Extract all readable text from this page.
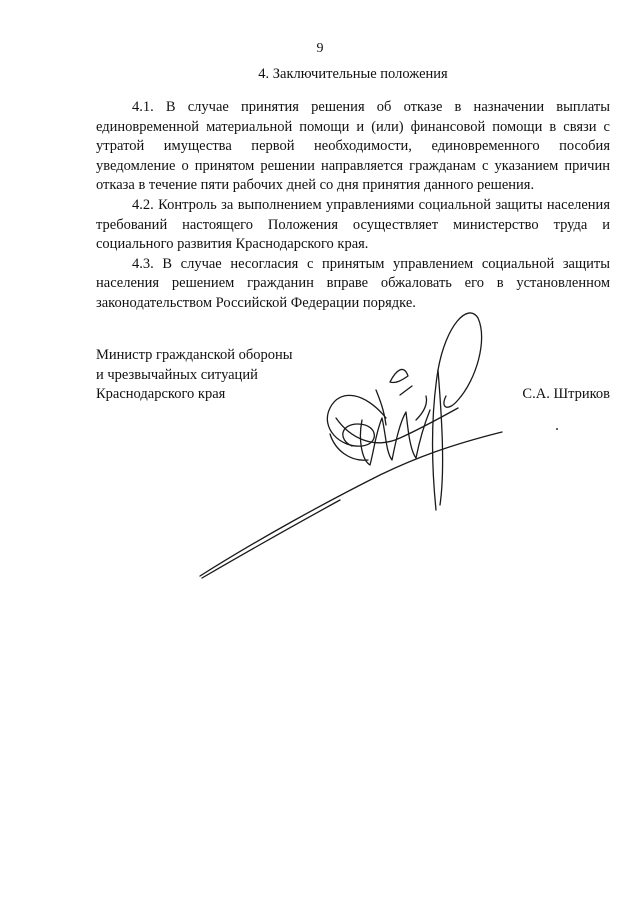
9
4. Заключительные положения

4.1. В случае принятия решения об отказе в назначении выплаты единовременной материальной помощи и (или) финансовой помощи в связи с утратой имущества первой необходимости, единовременного пособия уведомление о принятом решении направляется гражданам с указанием причин отказа в течение пяти рабочих дней со дня принятия данного решения.

4.2. Контроль за выполнением управлениями социальной защиты населения требований настоящего Положения осуществляет министерство труда и социального развития Краснодарского края.

4.3. В случае несогласия с принятым управлением социальной защиты населения решением гражданин вправе обжаловать его в установленном законодательством Российской Федерации порядке.

Министр гражданской обороны
и чрезвычайных ситуаций
Краснодарского края	С.А. Штриков
